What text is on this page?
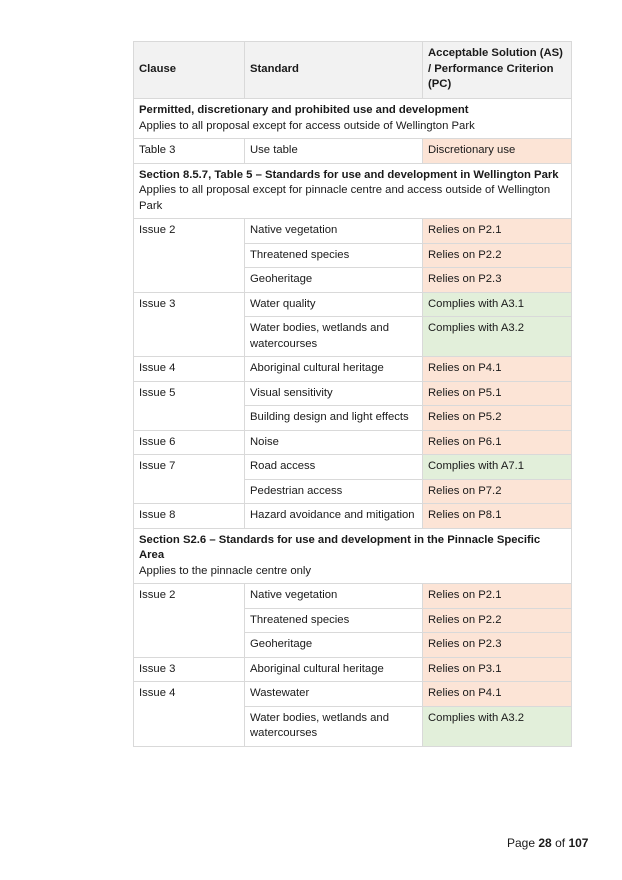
Clause	Standard	Acceptable Solution (AS) / Performance Criterion (PC)

Permitted, discretionary and prohibited use and development
Applies to all proposal except for access outside of Wellington Park		

Table 3	Use table	Discretionary use

Section 8.5.7, Table 5 – Standards for use and development in Wellington Park
Applies to all proposal except for pinnacle centre and access outside of Wellington Park		

Issue 2	Native vegetation	Relies on P2.1
	Threatened species	Relies on P2.2
	Geoheritage	Relies on P2.3
Issue 3	Water quality	Complies with A3.1
	Water bodies, wetlands and watercourses	Complies with A3.2
Issue 4	Aboriginal cultural heritage	Relies on P4.1
Issue 5	Visual sensitivity	Relies on P5.1
	Building design and light effects	Relies on P5.2
Issue 6	Noise	Relies on P6.1
Issue 7	Road access	Complies with A7.1
	Pedestrian access	Relies on P7.2
Issue 8	Hazard avoidance and mitigation	Relies on P8.1

Section S2.6 – Standards for use and development in the Pinnacle Specific Area
Applies to the pinnacle centre only		

Issue 2	Native vegetation	Relies on P2.1
	Threatened species	Relies on P2.2
	Geoheritage	Relies on P2.3
Issue 3	Aboriginal cultural heritage	Relies on P3.1
Issue 4	Wastewater	Relies on P4.1
	Water bodies, wetlands and watercourses	Complies with A3.2
Page 28 of 107
